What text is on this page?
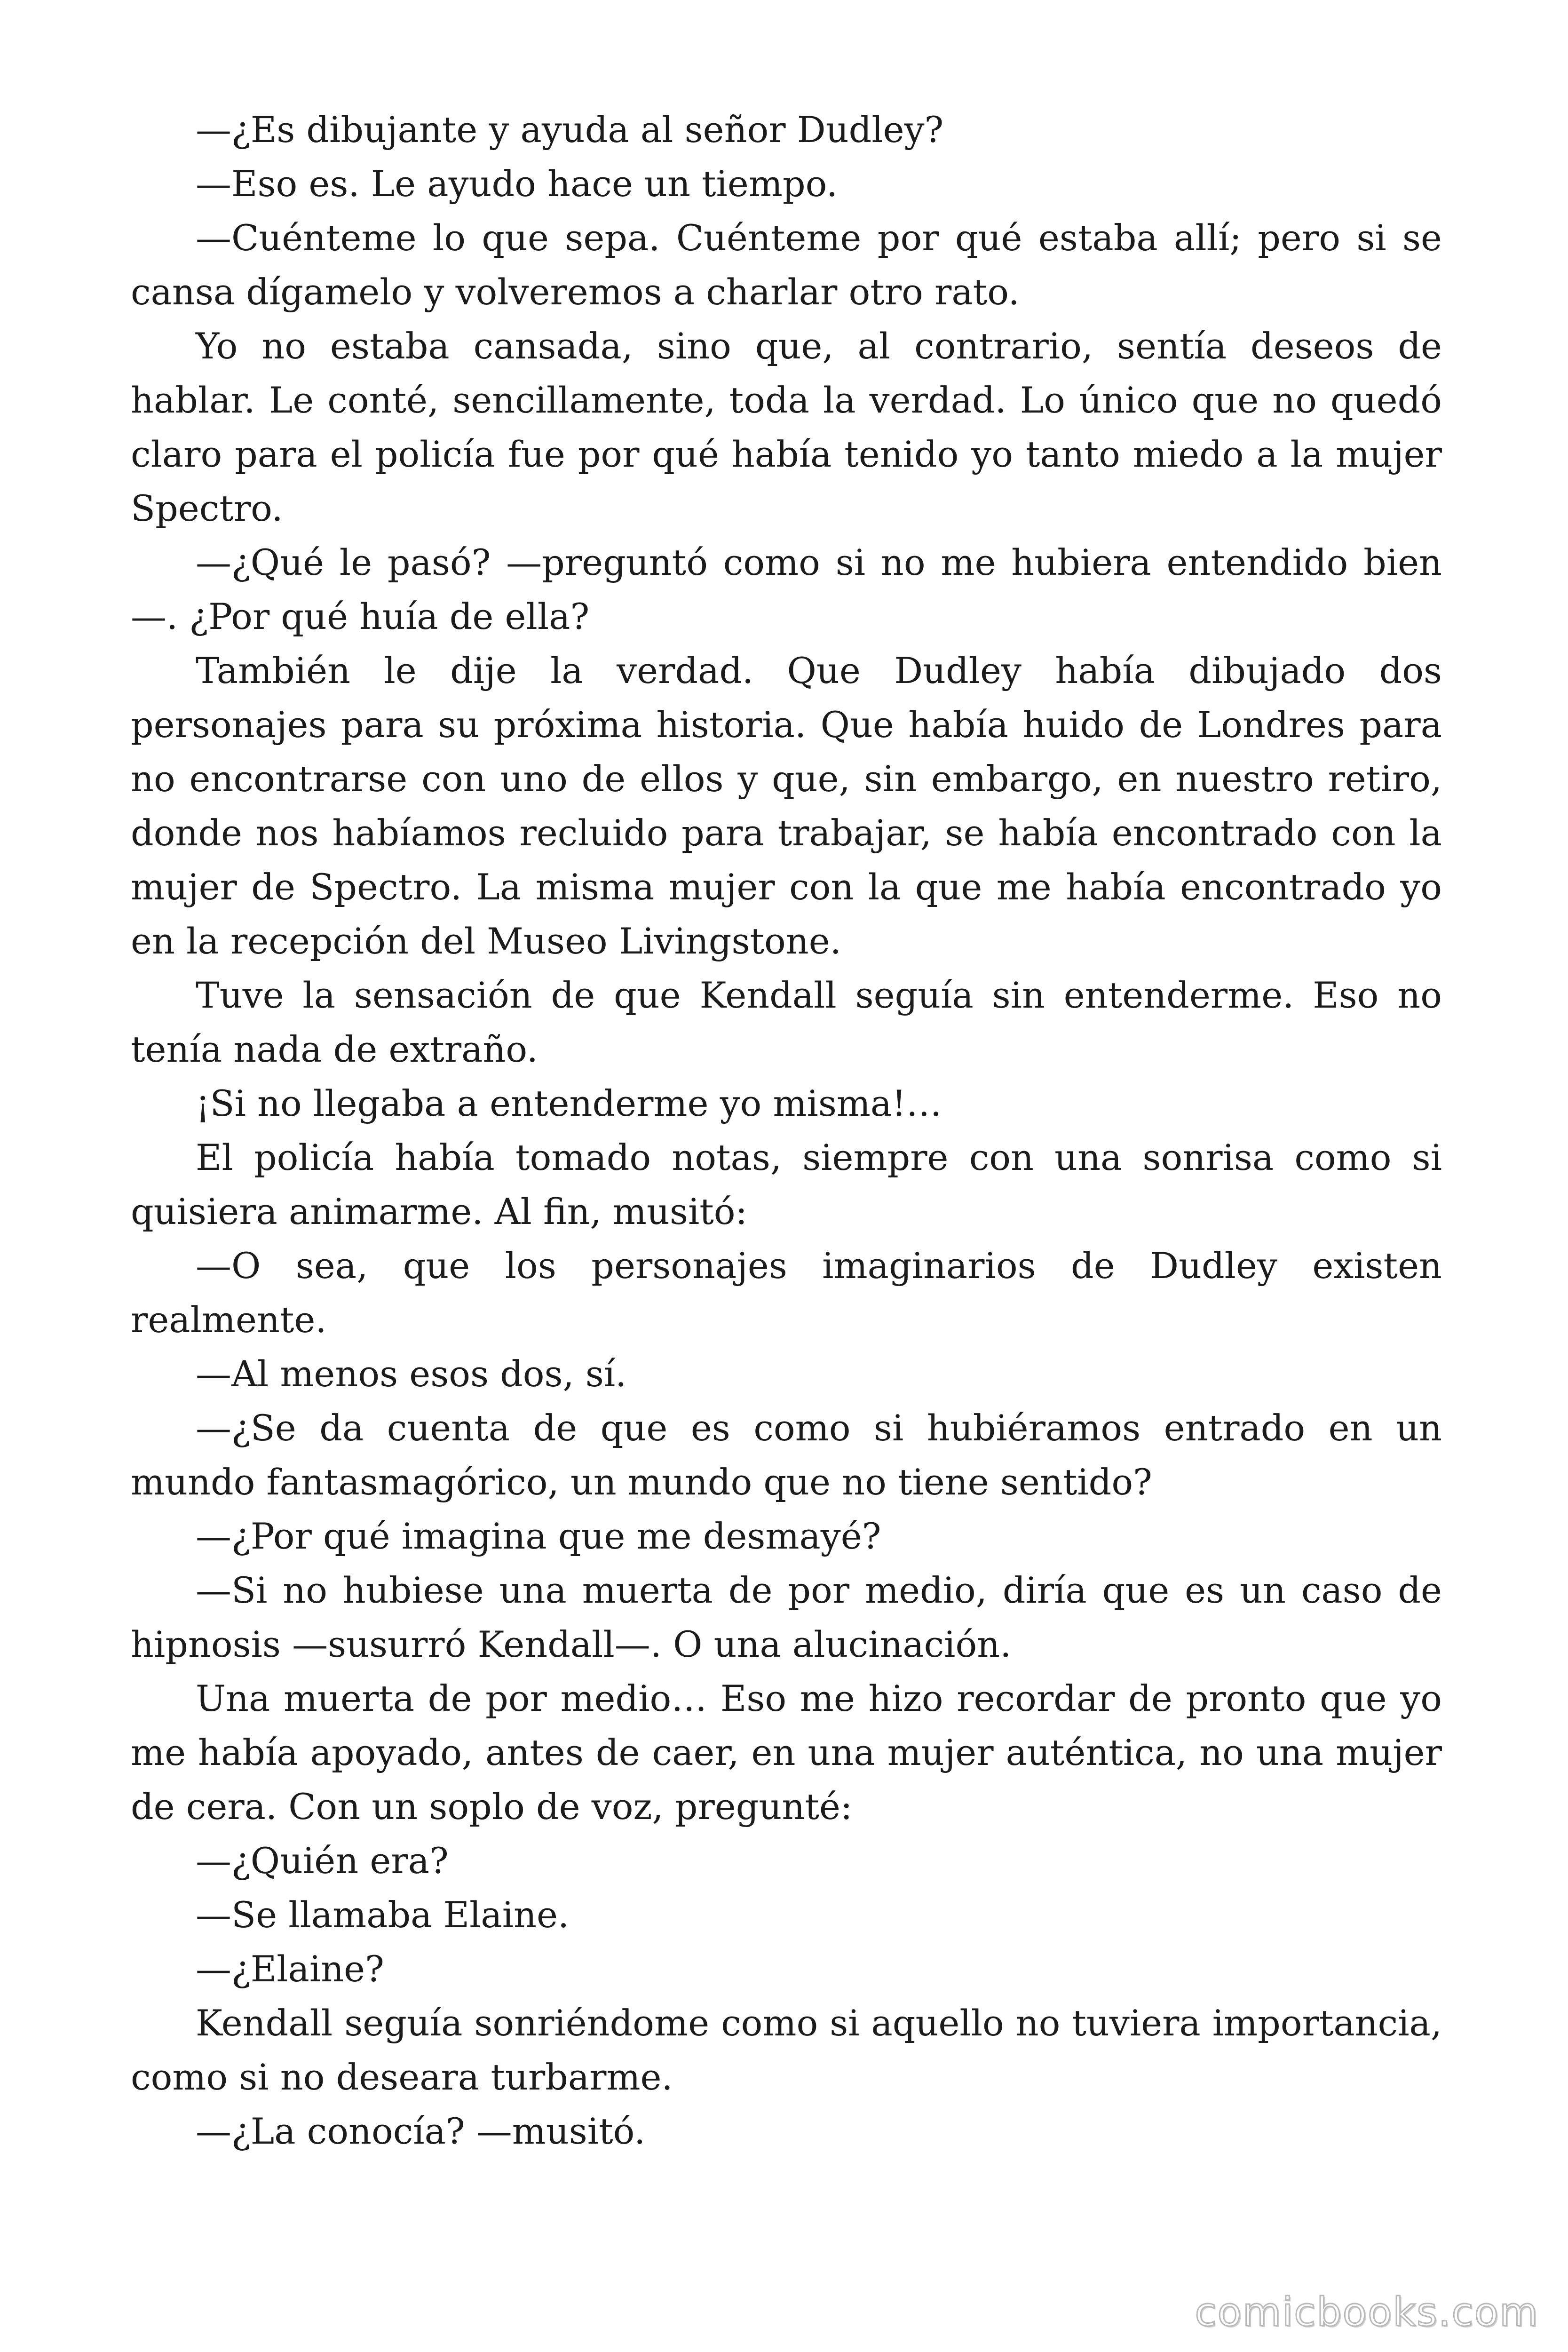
—¿Es dibujante y ayuda al señor Dudley?

—Eso es. Le ayudo hace un tiempo.

—Cuénteme lo que sepa. Cuénteme por qué estaba allí; pero si se cansa dígamelo y volveremos a charlar otro rato.

Yo no estaba cansada, sino que, al contrario, sentía deseos de hablar. Le conté, sencillamente, toda la verdad. Lo único que no quedó claro para el policía fue por qué había tenido yo tanto miedo a la mujer Spectro.

—¿Qué le pasó? —preguntó como si no me hubiera entendido bien—. ¿Por qué huía de ella?

También le dije la verdad. Que Dudley había dibujado dos personajes para su próxima historia. Que había huido de Londres para no encontrarse con uno de ellos y que, sin embargo, en nuestro retiro, donde nos habíamos recluido para trabajar, se había encontrado con la mujer de Spectro. La misma mujer con la que me había encontrado yo en la recepción del Museo Livingstone.

Tuve la sensación de que Kendall seguía sin entenderme. Eso no tenía nada de extraño.

¡Si no llegaba a entenderme yo misma!…

El policía había tomado notas, siempre con una sonrisa como si quisiera animarme. Al fin, musitó:

—O sea, que los personajes imaginarios de Dudley existen realmente.

—Al menos esos dos, sí.

—¿Se da cuenta de que es como si hubiéramos entrado en un mundo fantasmagórico, un mundo que no tiene sentido?

—¿Por qué imagina que me desmayé?

—Si no hubiese una muerta de por medio, diría que es un caso de hipnosis —susurró Kendall—. O una alucinación.

Una muerta de por medio… Eso me hizo recordar de pronto que yo me había apoyado, antes de caer, en una mujer auténtica, no una mujer de cera. Con un soplo de voz, pregunté:

—¿Quién era?

—Se llamaba Elaine.

—¿Elaine?

Kendall seguía sonriéndome como si aquello no tuviera importancia, como si no deseara turbarme.

—¿La conocía? —musitó.

comicbooks.com
